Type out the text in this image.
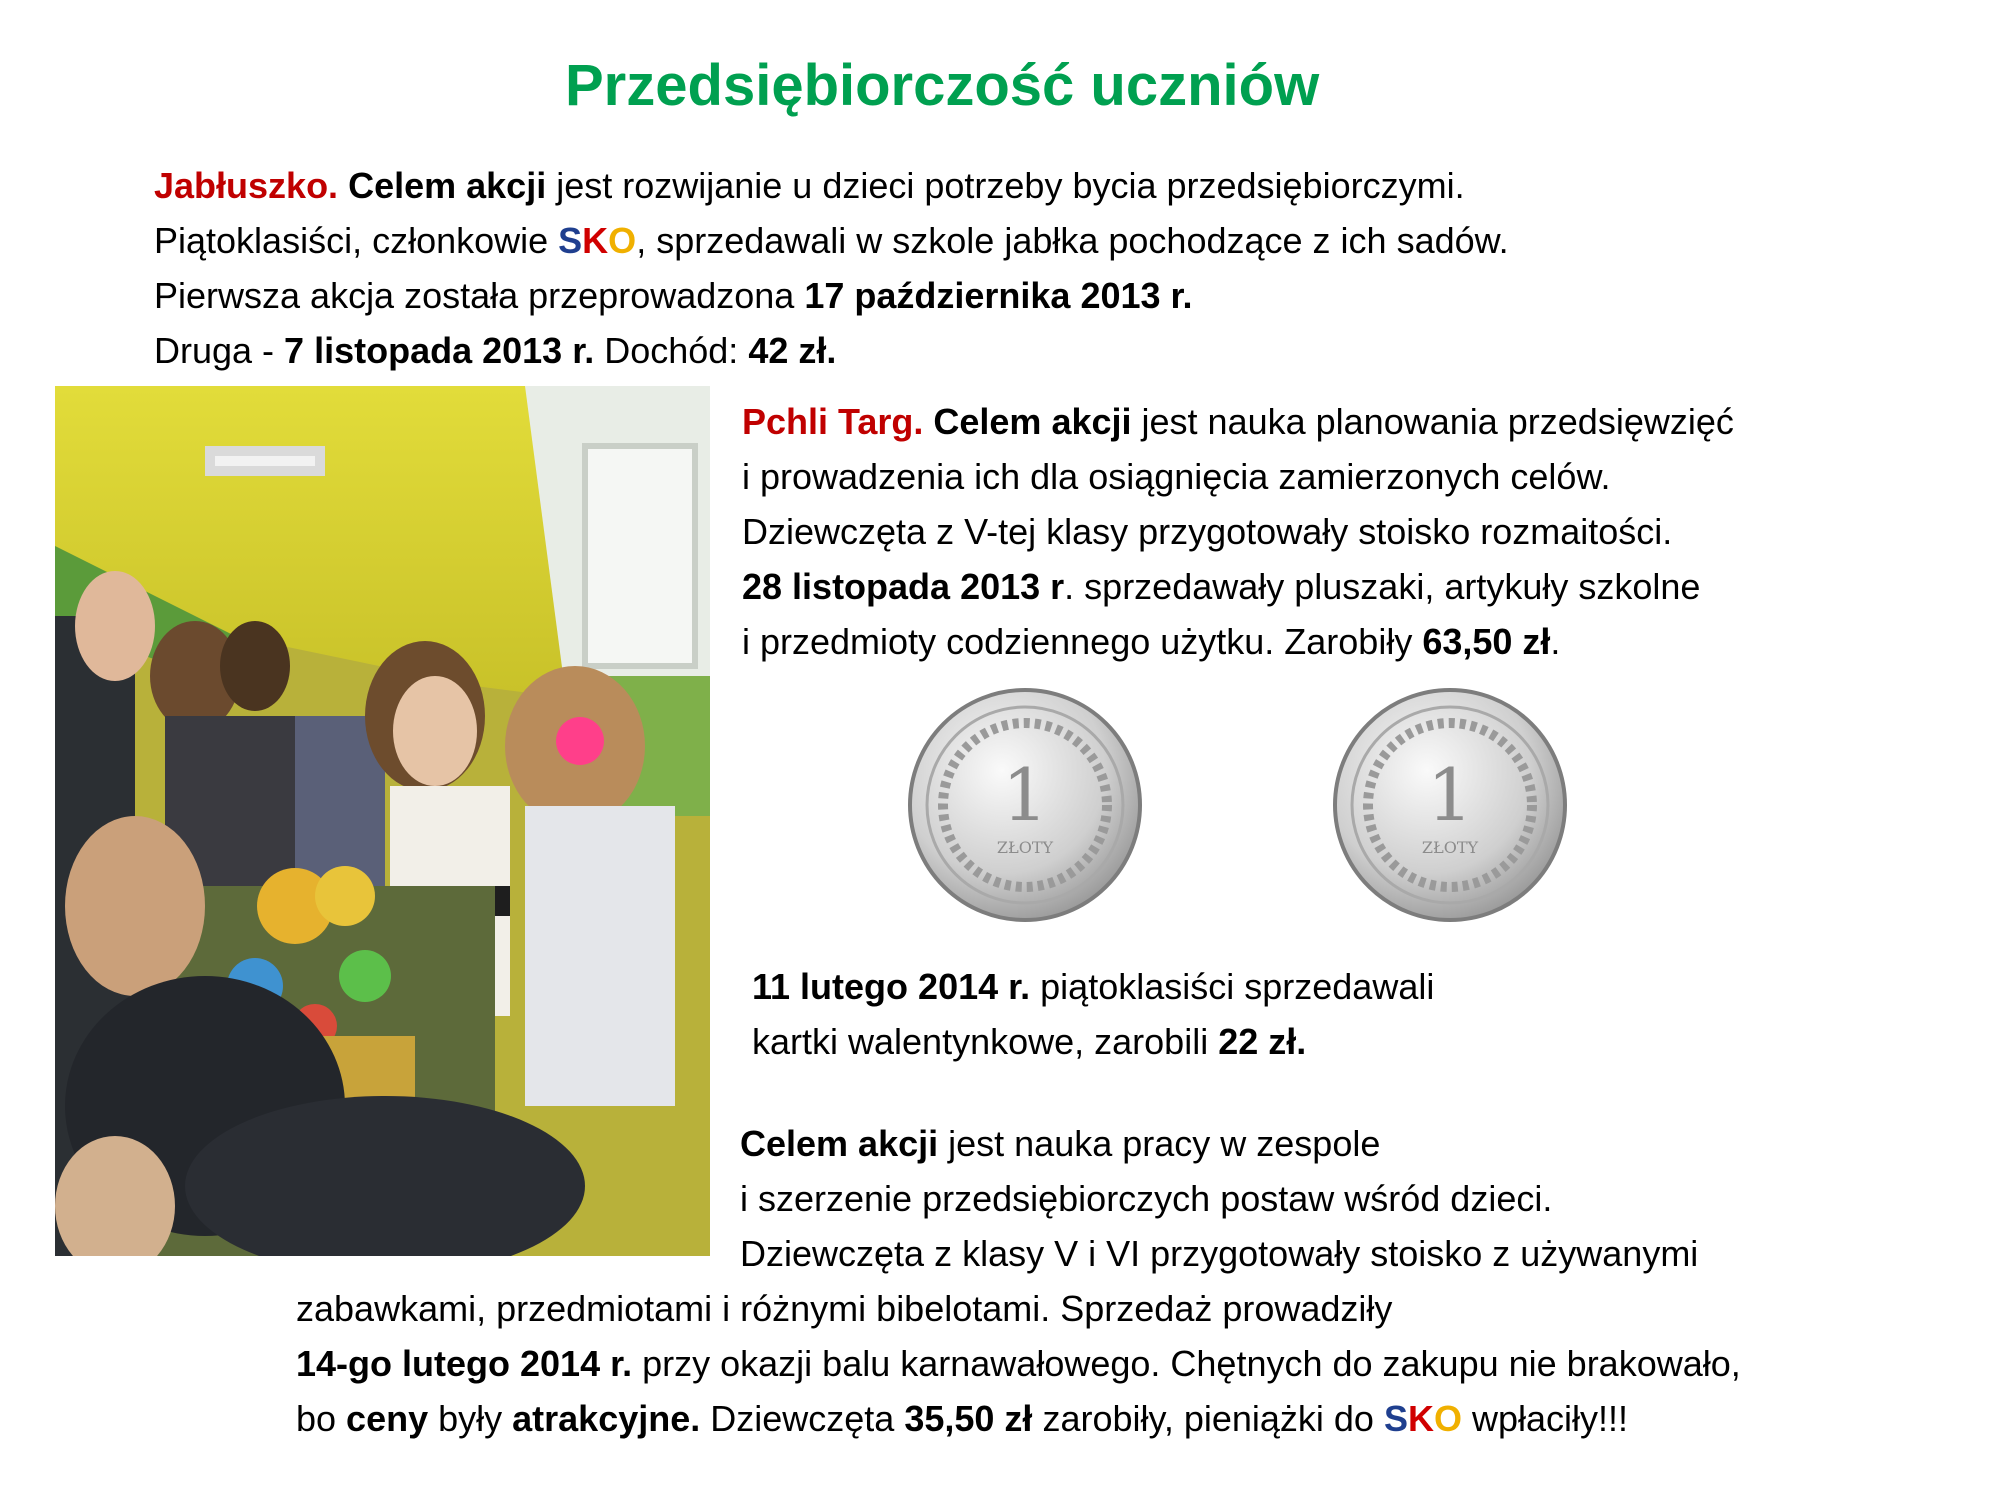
Przedsiębiorczość uczniów
Jabłuszko. Celem akcji jest rozwijanie u dzieci potrzeby bycia przedsiębiorczymi.
Piątoklasiści, członkowie SKO, sprzedawali w szkole jabłka pochodzące z ich sadów.
Pierwsza akcja została przeprowadzona 17 października 2013 r.
Druga - 7 listopada 2013 r. Dochód: 42 zł.
Pchli Targ. Celem akcji jest nauka planowania przedsięwzięć
i prowadzenia ich dla osiągnięcia zamierzonych celów.
Dziewczęta z V-tej klasy przygotowały stoisko rozmaitości.
28 listopada 2013 r. sprzedawały pluszaki, artykuły szkolne
i przedmioty codziennego użytku. Zarobiły 63,50 zł.
1
ZŁOTY
1
ZŁOTY
11 lutego 2014 r. piątoklasiści sprzedawali
kartki walentynkowe, zarobili 22 zł.
Celem akcji jest nauka pracy w zespole
i szerzenie przedsiębiorczych postaw wśród dzieci.
Dziewczęta z klasy V i VI przygotowały stoisko z używanymi
zabawkami, przedmiotami i różnymi bibelotami. Sprzedaż prowadziły
14-go lutego 2014 r. przy okazji balu karnawałowego. Chętnych do zakupu nie brakowało,
bo ceny były atrakcyjne. Dziewczęta 35,50 zł zarobiły, pieniążki do SKO wpłaciły!!!
